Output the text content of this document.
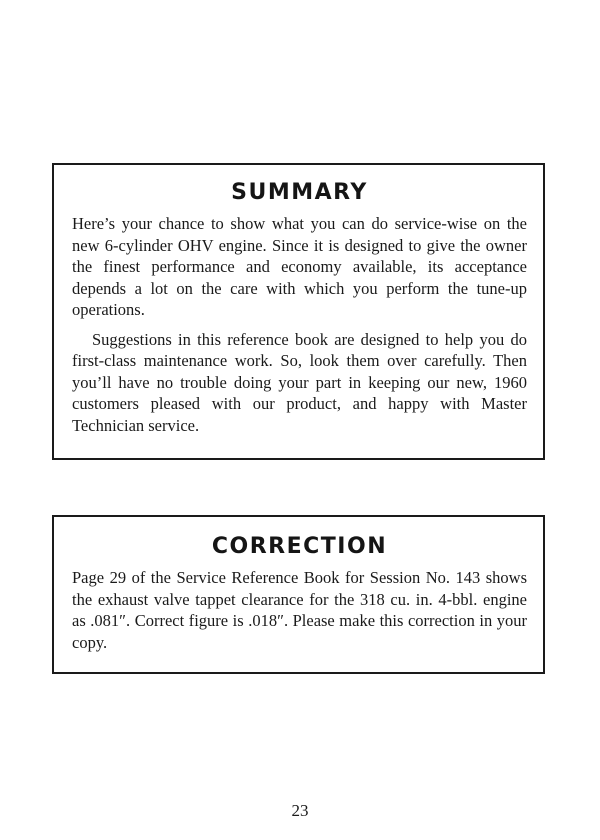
SUMMARY

Here’s your chance to show what you can do service-wise on the new 6-cylinder OHV engine. Since it is designed to give the owner the finest performance and economy available, its acceptance depends a lot on the care with which you perform the tune-up operations.

Suggestions in this reference book are designed to help you do first-class maintenance work. So, look them over carefully. Then you’ll have no trouble doing your part in keeping our new, 1960 customers pleased with our product, and happy with Master Technician service.

CORRECTION

Page 29 of the Service Reference Book for Session No. 143 shows the exhaust valve tappet clearance for the 318 cu. in. 4-bbl. engine as .081″. Correct figure is .018″. Please make this correction in your copy.

23
